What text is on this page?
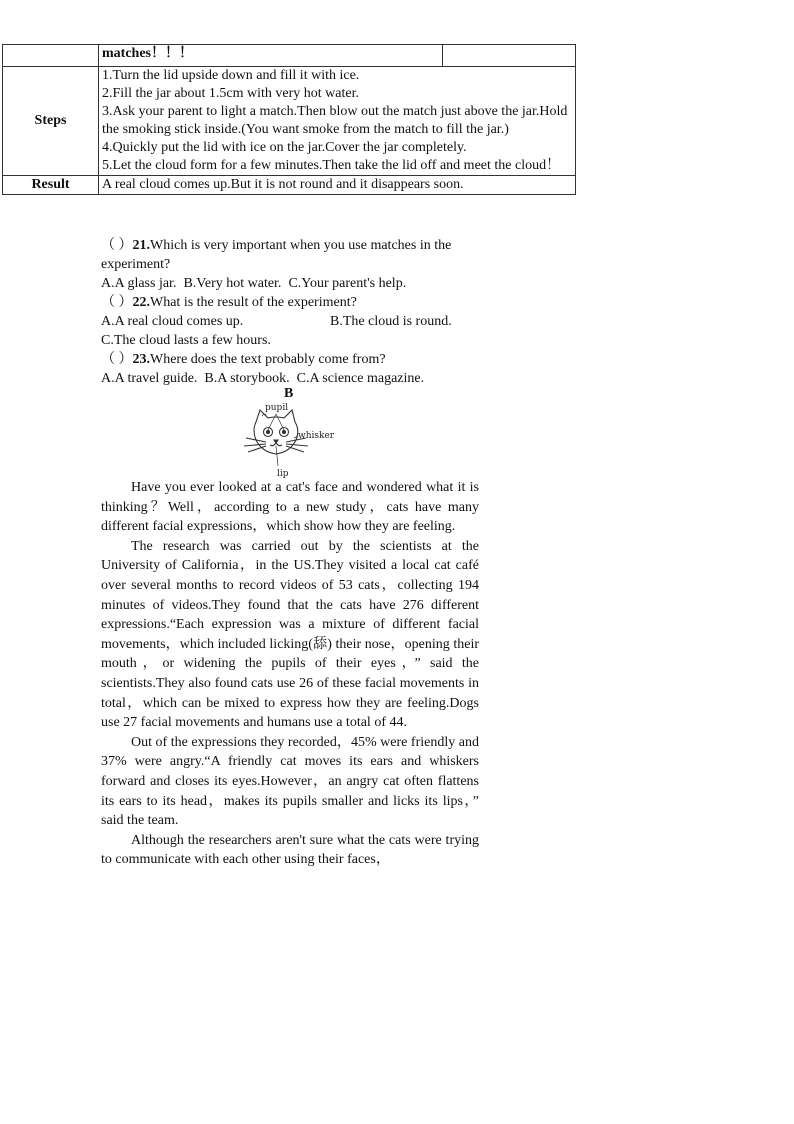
	matches！！！	
Steps	1.Turn the lid upside down and fill it with ice.
2.Fill the jar about 1.5cm with very hot water.
3.Ask your parent to light a match.Then blow out the match just above the jar.Hold the smoking stick inside.(You want smoke from the match to fill the jar.)
4.Quickly put the lid with ice on the jar.Cover the jar completely.
5.Let the cloud form for a few minutes.Then take the lid off and meet the cloud！	

Result	A real cloud comes up.But it is not round and it disappears soon.	

（ ）21.Which is very important when you use matches in the experiment?

A.A glass jar.
B.Very hot water.
C.Your parent's help.

（ ）22.What is the result of the experiment?

A.A real cloud comes up.	B.The cloud is round.
C.The cloud lasts a few hours.

（ ）23.Where does the text probably come from?

A.A travel guide.
B.A storybook.
C.A science magazine.
B
pupil
whisker
lip

Have you ever looked at a cat's face and wondered what it is thinking？Well，according to a new study，cats have many different facial expressions，which show how they are feeling.

The research was carried out by the scientists at the University of California，in the US.They visited a local cat café over several months to record videos of 53 cats，collecting 194 minutes of videos.They found that the cats have 276 different expressions.“Each expression was a mixture of different facial movements，which included licking(舔) their nose，opening their mouth，or widening the pupils of their eyes，” said the scientists.They also found cats use 26 of these facial movements in total，which can be mixed to express how they are feeling.Dogs use 27 facial movements and humans use a total of 44.

Out of the expressions they recorded，45% were friendly and 37% were angry.“A friendly cat moves its ears and whiskers forward and closes its eyes.However，an angry cat often flattens its ears to its head，makes its pupils smaller and licks its lips，” said the team.

Although the researchers aren't sure what the cats were trying to communicate with each other using their faces，
